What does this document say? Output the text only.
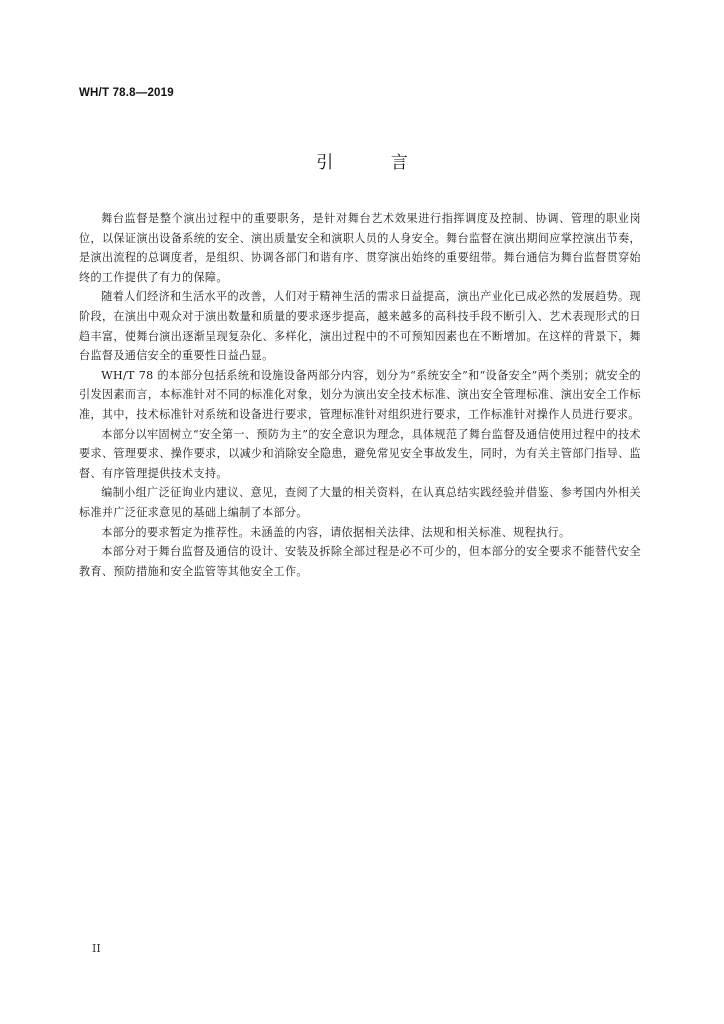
WH/T 78.8—2019
引 言

舞台监督是整个演出过程中的重要职务，是针对舞台艺术效果进行指挥调度及控制、协调、管理的职业岗位，以保证演出设备系统的安全、演出质量安全和演职人员的人身安全。舞台监督在演出期间应掌控演出节奏，是演出流程的总调度者，是组织、协调各部门和谐有序、贯穿演出始终的重要纽带。舞台通信为舞台监督贯穿始终的工作提供了有力的保障。

随着人们经济和生活水平的改善，人们对于精神生活的需求日益提高，演出产业化已成必然的发展趋势。现阶段，在演出中观众对于演出数量和质量的要求逐步提高，越来越多的高科技手段不断引入、艺术表现形式的日趋丰富，使舞台演出逐渐呈现复杂化、多样化，演出过程中的不可预知因素也在不断增加。在这样的背景下，舞台监督及通信安全的重要性日益凸显。

WH/T 78 的本部分包括系统和设施设备两部分内容，划分为“系统安全”和“设备安全”两个类别；就安全的引发因素而言，本标准针对不同的标准化对象，划分为演出安全技术标准、演出安全管理标准、演出安全工作标准，其中，技术标准针对系统和设备进行要求，管理标准针对组织进行要求，工作标准针对操作人员进行要求。

本部分以牢固树立“安全第一、预防为主”的安全意识为理念，具体规范了舞台监督及通信使用过程中的技术要求、管理要求、操作要求，以减少和消除安全隐患，避免常见安全事故发生，同时，为有关主管部门指导、监督、有序管理提供技术支持。

编制小组广泛征询业内建议、意见，查阅了大量的相关资料，在认真总结实践经验并借鉴、参考国内外相关标准并广泛征求意见的基础上编制了本部分。

本部分的要求暂定为推荐性。未涵盖的内容，请依据相关法律、法规和相关标准、规程执行。

本部分对于舞台监督及通信的设计、安装及拆除全部过程是必不可少的，但本部分的安全要求不能替代安全教育、预防措施和安全监管等其他安全工作。

II
